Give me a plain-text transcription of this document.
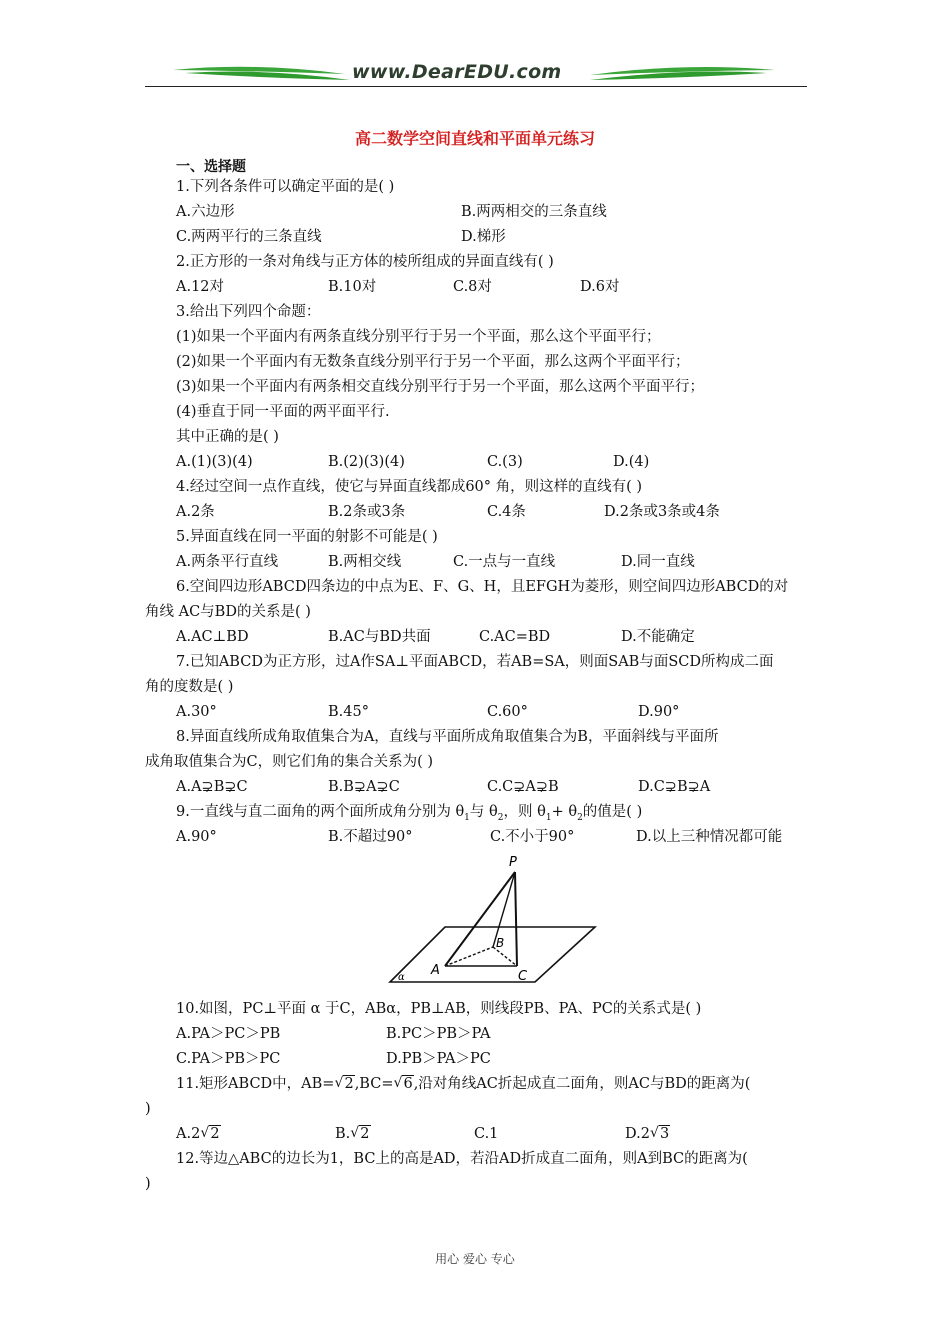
www.DearEDU.com
高二数学空间直线和平面单元练习
一、选择题
1.下列各条件可以确定平面的是( )
A.六边形	B.两两相交的三条直线
C.两两平行的三条直线	D.梯形
2.正方形的一条对角线与正方体的棱所组成的异面直线有( )
A.12对	B.10对	C.8对	D.6对
3.给出下列四个命题：
(1)如果一个平面内有两条直线分别平行于另一个平面，那么这个平面平行；
(2)如果一个平面内有无数条直线分别平行于另一个平面，那么这两个平面平行；
(3)如果一个平面内有两条相交直线分别平行于另一个平面，那么这两个平面平行；
(4)垂直于同一平面的两平面平行.
其中正确的是( )
A.(1)(3)(4)	B.(2)(3)(4)	C.(3)	D.(4)
4.经过空间一点作直线，使它与异面直线都成60° 角，则这样的直线有( )
A.2条	B.2条或3条	C.4条	D.2条或3条或4条
5.异面直线在同一平面的射影不可能是( )
A.两条平行直线	B.两相交线	C.一点与一直线	D.同一直线
6.空间四边形ABCD四条边的中点为E、F、G、H，且EFGH为菱形，则空间四边形ABCD的对
角线 AC与BD的关系是( )
A.AC⊥BD	B.AC与BD共面	C.AC=BD	D.不能确定
7.已知ABCD为正方形，过A作SA⊥平面ABCD，若AB=SA，则面SAB与面SCD所构成二面
角的度数是( )
A.30°	B.45°	C.60°	D.90°
8.异面直线所成角取值集合为A，直线与平面所成角取值集合为B，平面斜线与平面所
成角取值集合为C，则它们角的集合关系为( )
A.A⊋B⊋C	B.B⊋A⊋C	C.C⊋A⊋B	D.C⊋B⊋A
9.一直线与直二面角的两个面所成角分别为 $\theta_1$与 $\theta_2$，则 $\theta_1+ \theta_2$的值是( )
A.90°	B.不超过90°	C.不小于90°	D.以上三种情况都可能
P
B
A	C
α
10.如图，PC⊥平面 α 于C，ABα，PB⊥AB，则线段PB、PA、PC的关系式是( )
A.PA＞PC＞PB	B.PC＞PB＞PA
C.PA＞PB＞PC	D.PB＞PA＞PC
11.矩形ABCD中，AB= √ 2,BC= √ 6,沿对角线AC折起成直二面角，则AC与BD的距离为(
)
A.2 √ 2	B. √ 2	C.1	D.2 √ 3
12.等边△ABC的边长为1，BC上的高是AD，若沿AD折成直二面角，则A到BC的距离为(
)
用心 爱心 专心
